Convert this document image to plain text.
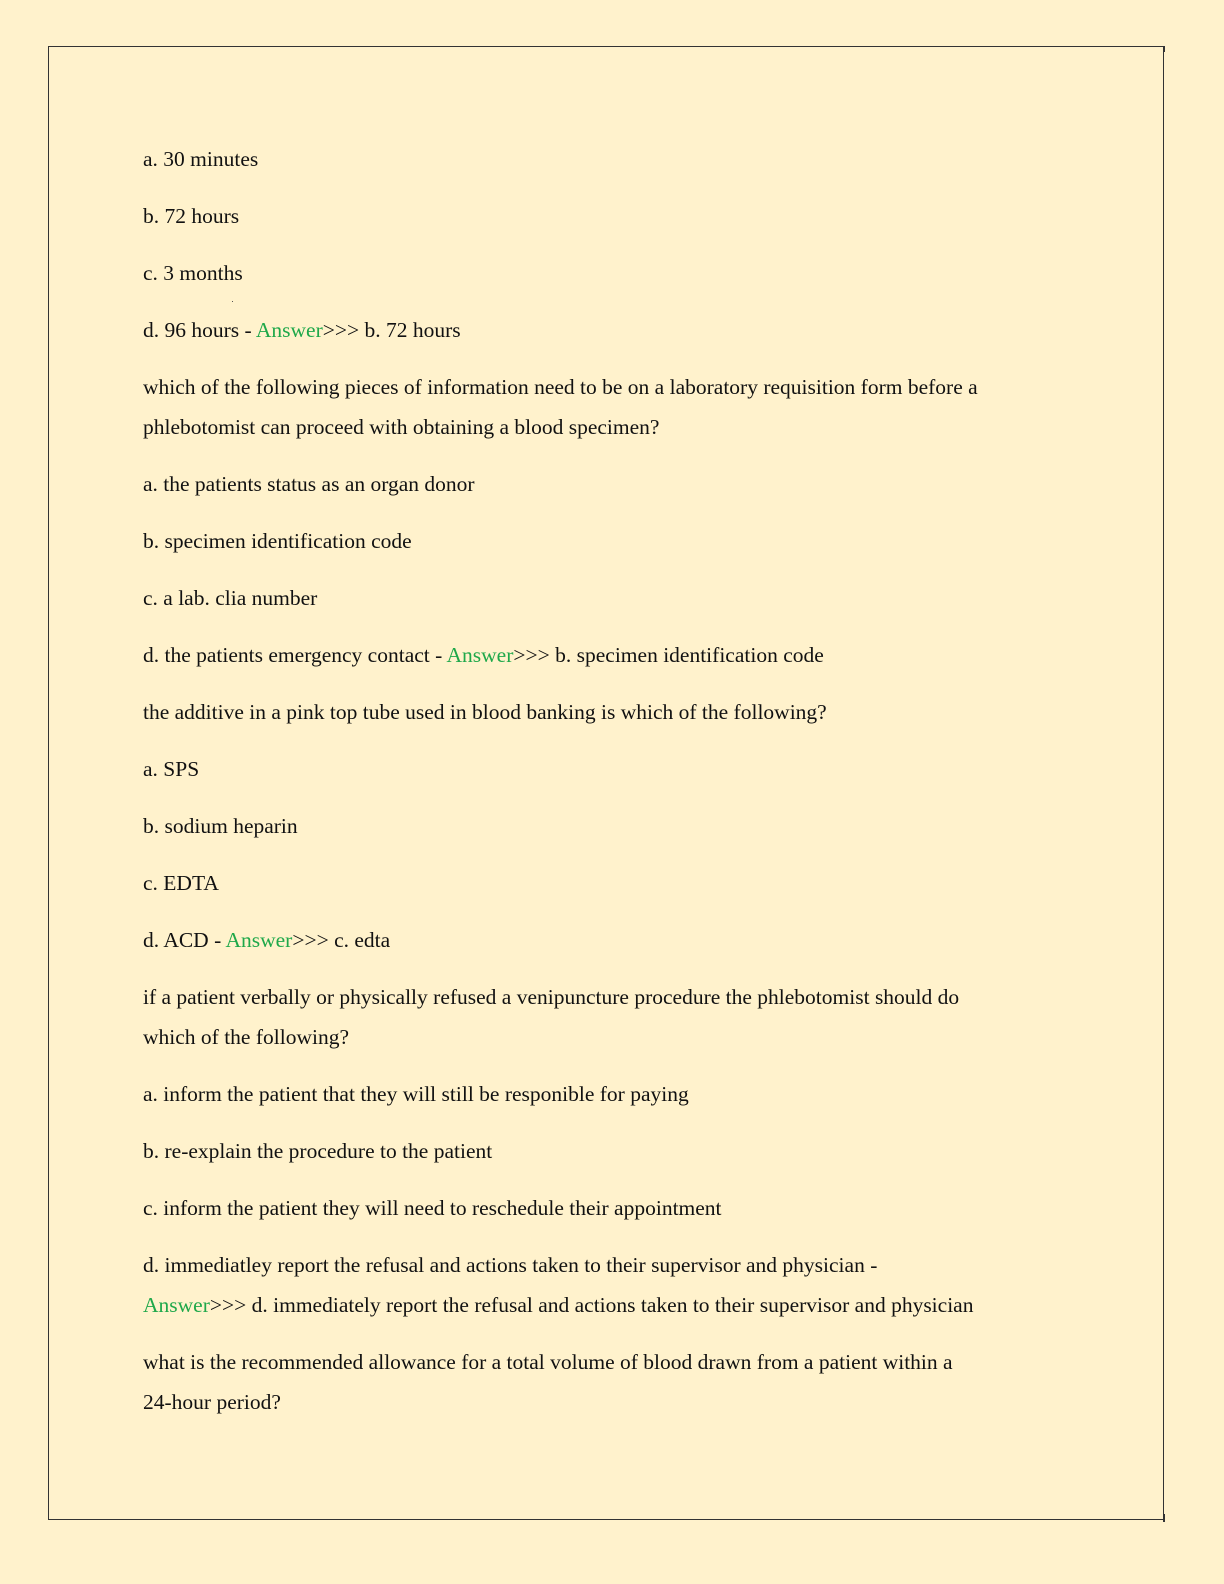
a. 30 minutes

b. 72 hours

c. 3 months

d. 96 hours - Answer>>> b. 72 hours

which of the following pieces of information need to be on a laboratory requisition form before a

phlebotomist can proceed with obtaining a blood specimen?

a. the patients status as an organ donor

b. specimen identification code

c. a lab. clia number

d. the patients emergency contact - Answer>>> b. specimen identification code

the additive in a pink top tube used in blood banking is which of the following?

a. SPS

b. sodium heparin

c. EDTA

d. ACD - Answer>>> c. edta

if a patient verbally or physically refused a venipuncture procedure the phlebotomist should do

which of the following?

a. inform the patient that they will still be responible for paying

b. re-explain the procedure to the patient

c. inform the patient they will need to reschedule their appointment

d. immediatley report the refusal and actions taken to their supervisor and physician -

Answer>>> d. immediately report the refusal and actions taken to their supervisor and physician

what is the recommended allowance for a total volume of blood drawn from a patient within a

24-hour period?
